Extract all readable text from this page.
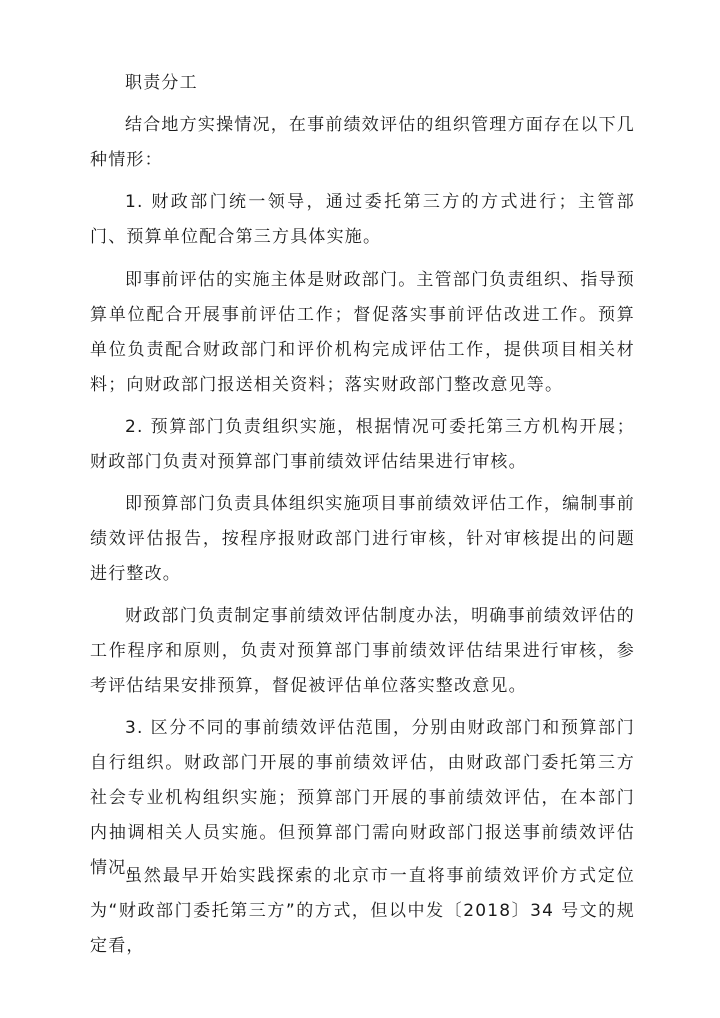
职责分工

结合地方实操情况，在事前绩效评估的组织管理方面存在以下几种情形：

1. 财政部门统一领导，通过委托第三方的方式进行；主管部门、预算单位配合第三方具体实施。

即事前评估的实施主体是财政部门。主管部门负责组织、指导预算单位配合开展事前评估工作；督促落实事前评估改进工作。预算单位负责配合财政部门和评价机构完成评估工作，提供项目相关材料；向财政部门报送相关资料；落实财政部门整改意见等。

2. 预算部门负责组织实施，根据情况可委托第三方机构开展；财政部门负责对预算部门事前绩效评估结果进行审核。

即预算部门负责具体组织实施项目事前绩效评估工作，编制事前绩效评估报告，按程序报财政部门进行审核，针对审核提出的问题进行整改。

财政部门负责制定事前绩效评估制度办法，明确事前绩效评估的工作程序和原则，负责对预算部门事前绩效评估结果进行审核，参考评估结果安排预算，督促被评估单位落实整改意见。

3. 区分不同的事前绩效评估范围，分别由财政部门和预算部门自行组织。财政部门开展的事前绩效评估，由财政部门委托第三方社会专业机构组织实施；预算部门开展的事前绩效评估，在本部门内抽调相关人员实施。但预算部门需向财政部门报送事前绩效评估情况。

虽然最早开始实践探索的北京市一直将事前绩效评价方式定位为“财政部门委托第三方”的方式，但以中发〔2018〕34 号文的规定看，
